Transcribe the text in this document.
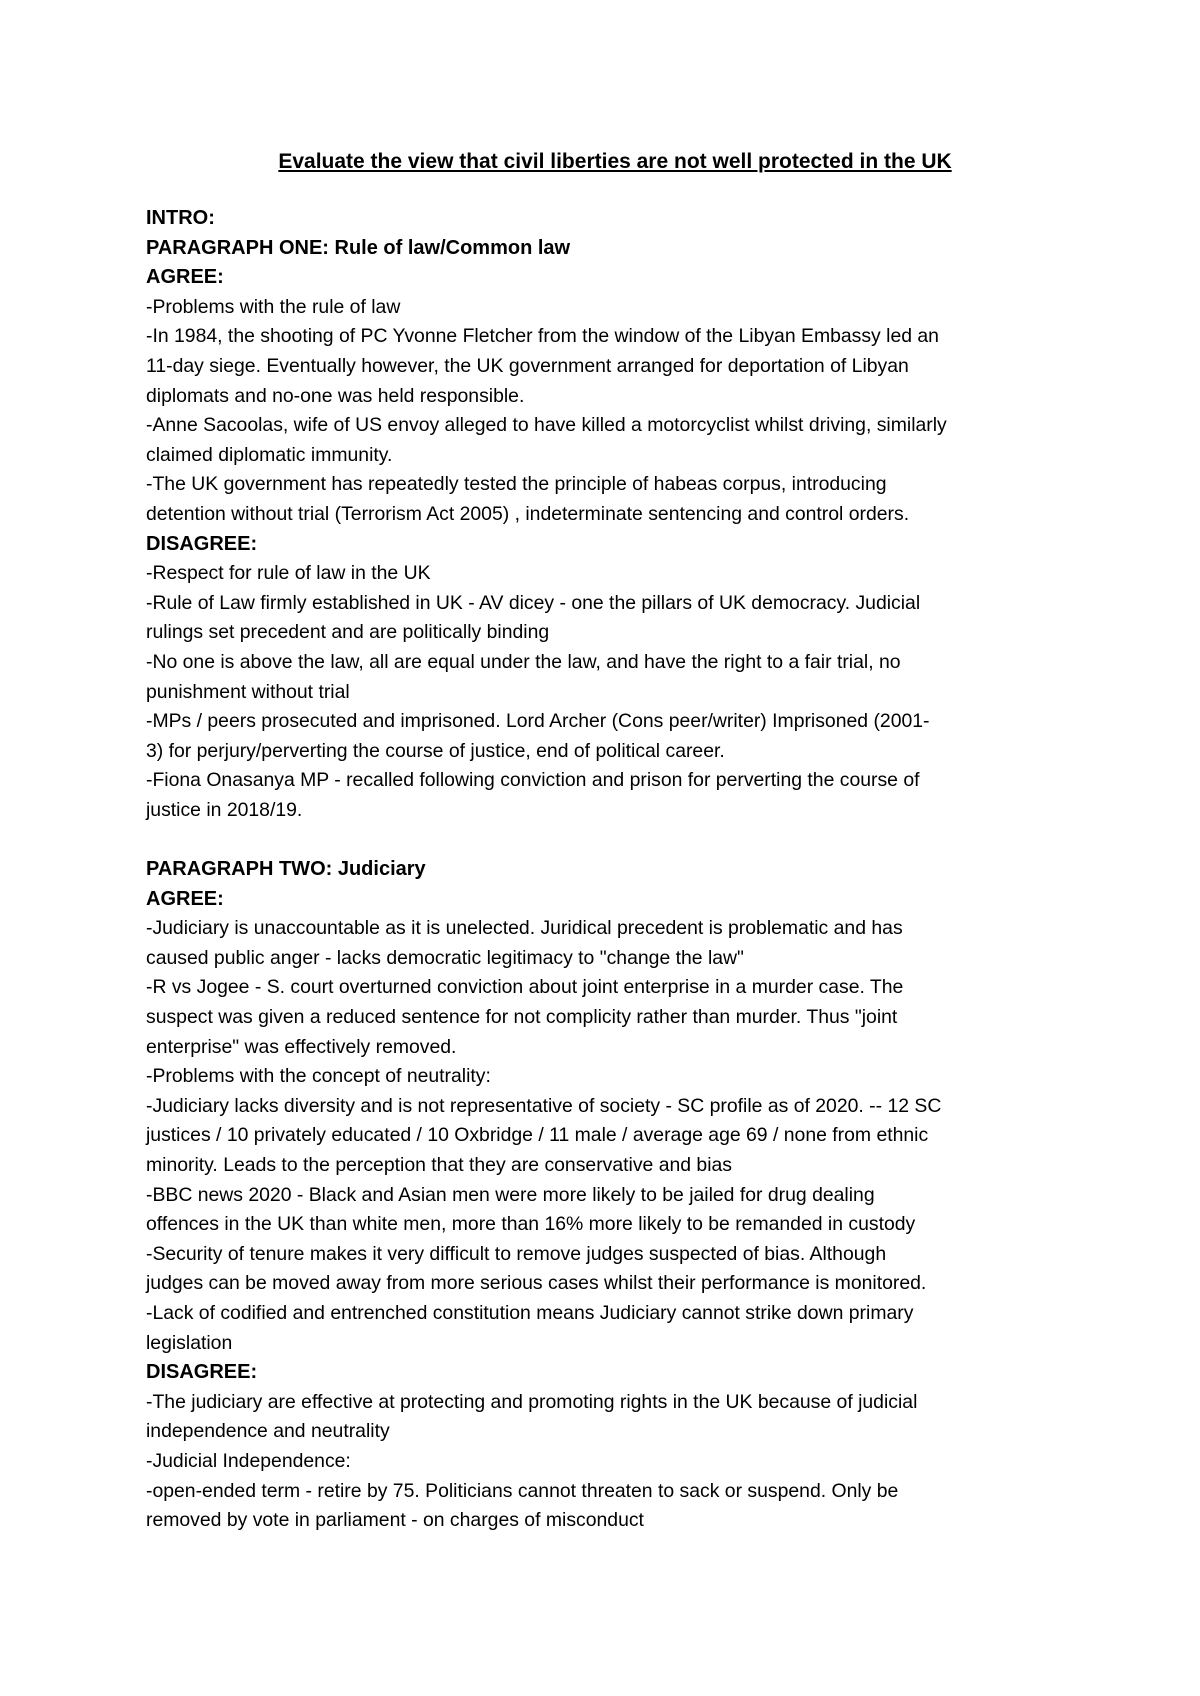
Evaluate the view that civil liberties are not well protected in the UK

INTRO:

PARAGRAPH ONE: Rule of law/Common law

AGREE:

-Problems with the rule of law

-In 1984, the shooting of PC Yvonne Fletcher from the window of the Libyan Embassy led an

11-day siege. Eventually however, the UK government arranged for deportation of Libyan

diplomats and no-one was held responsible.

-Anne Sacoolas, wife of US envoy alleged to have killed a motorcyclist whilst driving, similarly

claimed diplomatic immunity.

-The UK government has repeatedly tested the principle of habeas corpus, introducing

detention without trial (Terrorism Act 2005) , indeterminate sentencing and control orders.

DISAGREE:

-Respect for rule of law in the UK

-Rule of Law firmly established in UK - AV dicey - one the pillars of UK democracy. Judicial

rulings set precedent and are politically binding

-No one is above the law, all are equal under the law, and have the right to a fair trial, no

punishment without trial

-MPs / peers prosecuted and imprisoned. Lord Archer (Cons peer/writer) Imprisoned (2001-

3) for perjury/perverting the course of justice, end of political career.

-Fiona Onasanya MP - recalled following conviction and prison for perverting the course of

justice in 2018/19.

PARAGRAPH TWO: Judiciary

AGREE:

-Judiciary is unaccountable as it is unelected. Juridical precedent is problematic and has

caused public anger - lacks democratic legitimacy to "change the law"

-R vs Jogee - S. court overturned conviction about joint enterprise in a murder case. The

suspect was given a reduced sentence for not complicity rather than murder. Thus "joint

enterprise" was effectively removed.

-Problems with the concept of neutrality:

-Judiciary lacks diversity and is not representative of society - SC profile as of 2020. -- 12 SC

justices / 10 privately educated / 10 Oxbridge / 11 male / average age 69 / none from ethnic

minority. Leads to the perception that they are conservative and bias

-BBC news 2020 - Black and Asian men were more likely to be jailed for drug dealing

offences in the UK than white men, more than 16% more likely to be remanded in custody

-Security of tenure makes it very difficult to remove judges suspected of bias. Although

judges can be moved away from more serious cases whilst their performance is monitored.

-Lack of codified and entrenched constitution means Judiciary cannot strike down primary

legislation

DISAGREE:

-The judiciary are effective at protecting and promoting rights in the UK because of judicial

independence and neutrality

-Judicial Independence:

-open-ended term - retire by 75. Politicians cannot threaten to sack or suspend. Only be

removed by vote in parliament - on charges of misconduct
